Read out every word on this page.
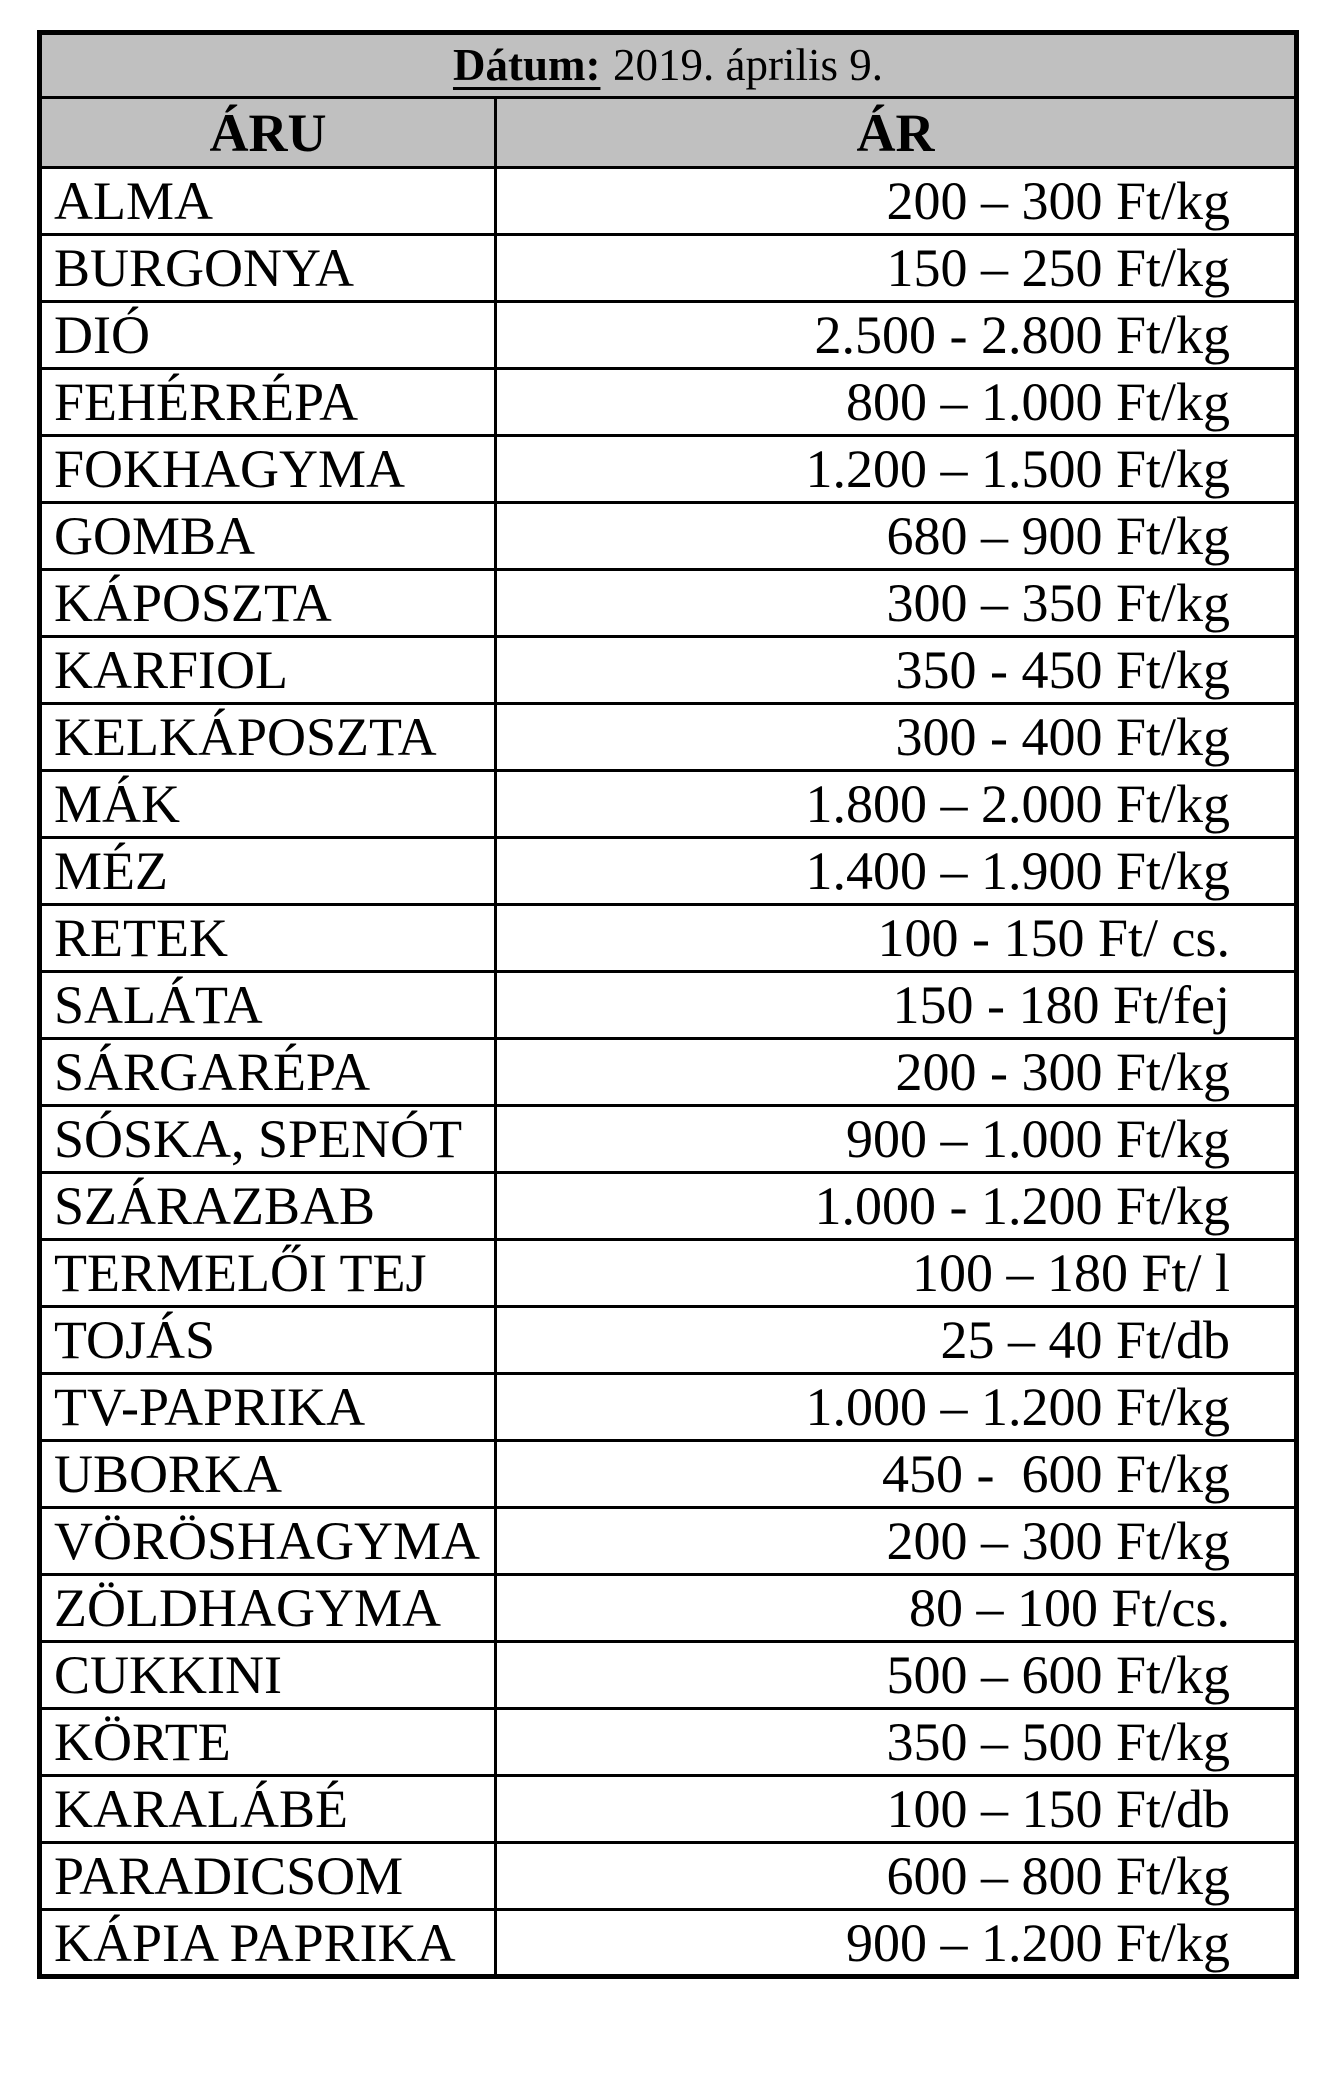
Dátum: 2019. április 9.	
ÁRU	ÁR
ALMA	200 – 300 Ft/kg
BURGONYA	150 – 250 Ft/kg
DIÓ	2.500 - 2.800 Ft/kg
FEHÉRRÉPA	800 – 1.000 Ft/kg
FOKHAGYMA	1.200 – 1.500 Ft/kg
GOMBA	680 – 900 Ft/kg
KÁPOSZTA	300 – 350 Ft/kg
KARFIOL	350 - 450 Ft/kg
KELKÁPOSZTA	300 - 400 Ft/kg
MÁK	1.800 – 2.000 Ft/kg
MÉZ	1.400 – 1.900 Ft/kg
RETEK	100 - 150 Ft/ cs.
SALÁTA	150 - 180 Ft/fej
SÁRGARÉPA	200 - 300 Ft/kg
SÓSKA, SPENÓT	900 – 1.000 Ft/kg
SZÁRAZBAB	1.000 - 1.200 Ft/kg
TERMELŐI TEJ	100 – 180 Ft/ l
TOJÁS	25 – 40 Ft/db
TV-PAPRIKA	1.000 – 1.200 Ft/kg
UBORKA	450 -  600 Ft/kg
VÖRÖSHAGYMA	200 – 300 Ft/kg
ZÖLDHAGYMA	80 – 100 Ft/cs.
CUKKINI	500 – 600 Ft/kg
KÖRTE	350 – 500 Ft/kg
KARALÁBÉ	100 – 150 Ft/db
PARADICSOM	600 – 800 Ft/kg
KÁPIA PAPRIKA	900 – 1.200 Ft/kg
